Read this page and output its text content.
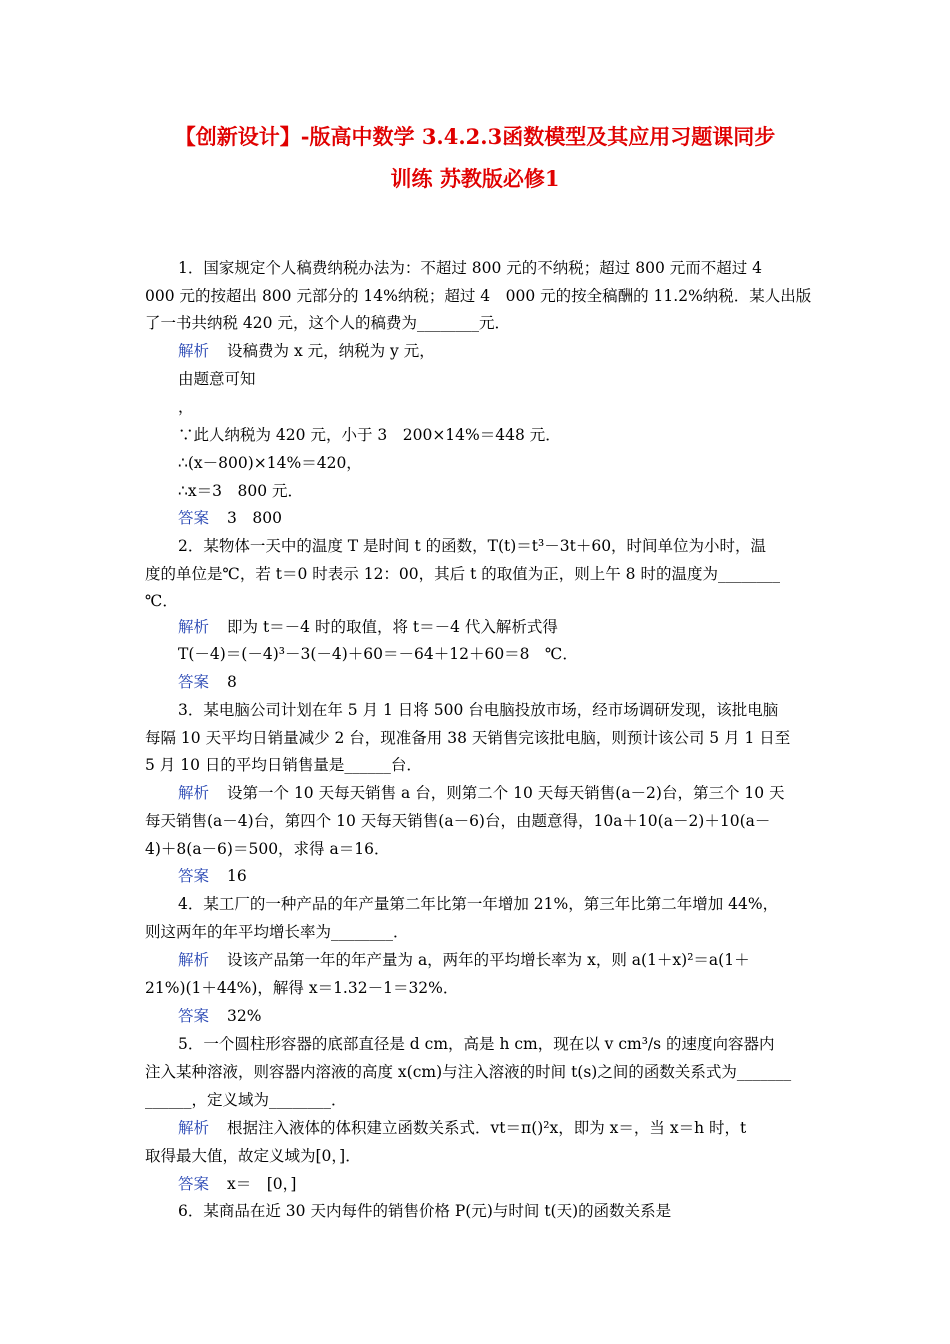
【创新设计】-版高中数学 3.4.2.3函数模型及其应用习题课同步
训练 苏教版必修1
1．国家规定个人稿费纳税办法为：不超过 800 元的不纳税；超过 800 元而不超过 4
000 元的按超出 800 元部分的 14%纳税；超过 4　000 元的按全稿酬的 11.2%纳税．某人出版
了一书共纳税 420 元，这个人的稿费为________元．
解析 设稿费为 x 元，纳税为 y 元，
由题意可知
，
∵此人纳税为 420 元，小于 3　200×14%＝448 元．
∴(x－800)×14%＝420，
∴x＝3　800 元．
答案 3　800
2．某物体一天中的温度 T 是时间 t 的函数，T(t)＝t³－3t＋60，时间单位为小时，温
度的单位是℃，若 t＝0 时表示 12：00，其后 t 的取值为正，则上午 8 时的温度为________
℃．
解析 即为 t＝－4 时的取值，将 t＝－4 代入解析式得
T(－4)＝(－4)³－3(－4)＋60＝－64＋12＋60＝8　℃．
答案 8
3．某电脑公司计划在年 5 月 1 日将 500 台电脑投放市场，经市场调研发现，该批电脑
每隔 10 天平均日销量减少 2 台，现准备用 38 天销售完该批电脑，则预计该公司 5 月 1 日至
5 月 10 日的平均日销售量是______台．
解析 设第一个 10 天每天销售 a 台，则第二个 10 天每天销售(a－2)台，第三个 10 天
每天销售(a－4)台，第四个 10 天每天销售(a－6)台，由题意得，10a＋10(a－2)＋10(a－
4)＋8(a－6)＝500，求得 a＝16．
答案 16
4．某工厂的一种产品的年产量第二年比第一年增加 21%，第三年比第二年增加 44%，
则这两年的年平均增长率为________．
解析 设该产品第一年的年产量为 a，两年的平均增长率为 x，则 a(1＋x)²＝a(1＋
21%)(1＋44%)，解得 x＝1.32－1＝32%．
答案 32%
5．一个圆柱形容器的底部直径是 d cm，高是 h cm，现在以 v cm³/s 的速度向容器内
注入某种溶液，则容器内溶液的高度 x(cm)与注入溶液的时间 t(s)之间的函数关系式为_______
______，定义域为________．
解析 根据注入液体的体积建立函数关系式．vt＝π()²x，即为 x＝，当 x＝h 时，t
取得最大值，故定义域为[0，]．
答案 x＝　[0，]
6．某商品在近 30 天内每件的销售价格 P(元)与时间 t(天)的函数关系是
